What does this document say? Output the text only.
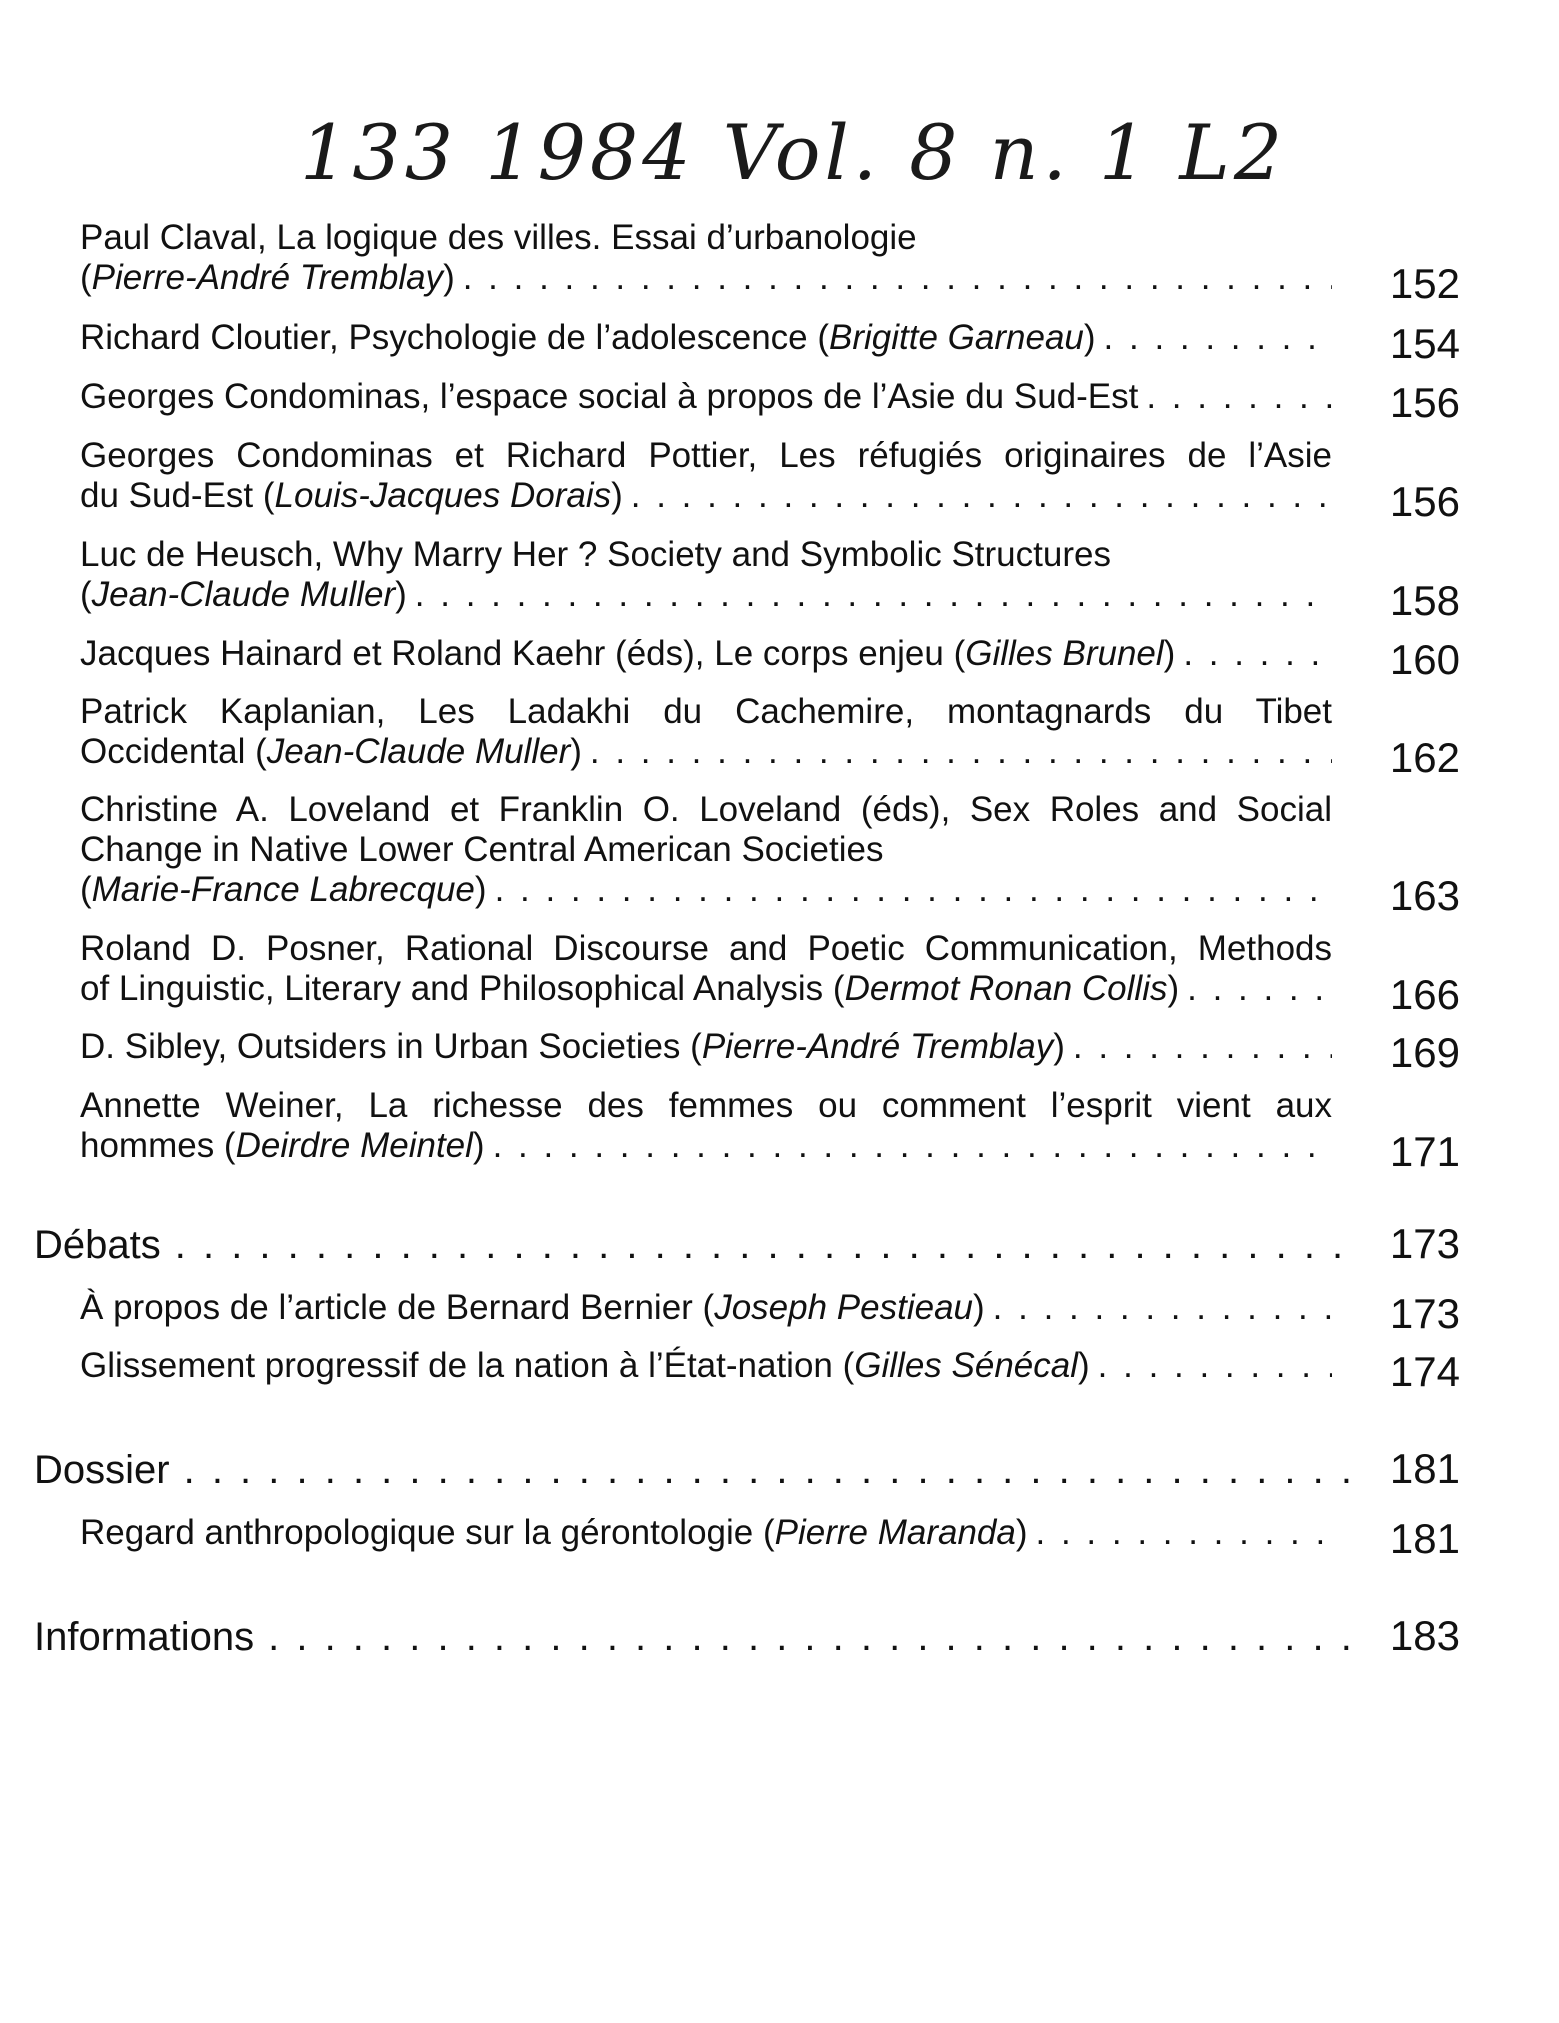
133 1984 Vol. 8 n. 1 L2
Paul Claval, La logique des villes. Essai d’urbanologie
( Pierre-André Tremblay ) . . .	152
Richard Cloutier, Psychologie de l’adolescence ( Brigitte Garneau ) . . .	154
Georges Condominas, l’espace social à propos de l’Asie du Sud-Est . . .	156
Georges Condominas et Richard Pottier, Les réfugiés originaires de l’Asie
du Sud-Est ( Louis-Jacques Dorais ) . . .	156
Luc de Heusch, Why Marry Her ? Society and Symbolic Structures
( Jean-Claude Muller ) . . .	158
Jacques Hainard et Roland Kaehr (éds), Le corps enjeu ( Gilles Brunel ) . . .	160
Patrick Kaplanian, Les Ladakhi du Cachemire, montagnards du Tibet
Occidental ( Jean-Claude Muller ) . . .	162
Christine A. Loveland et Franklin O. Loveland (éds), Sex Roles and Social
Change in Native Lower Central American Societies
( Marie-France Labrecque ) . . .	163
Roland D. Posner, Rational Discourse and Poetic Communication, Methods
of Linguistic, Literary and Philosophical Analysis ( Dermot Ronan Collis ) . . .	166
D. Sibley, Outsiders in Urban Societies ( Pierre-André Tremblay ) . . .	169
Annette Weiner, La richesse des femmes ou comment l’esprit vient aux
hommes ( Deirdre Meintel ) . . .	171
Débats . . .	173
À propos de l’article de Bernard Bernier ( Joseph Pestieau ) . . .	173
Glissement progressif de la nation à l’État-nation ( Gilles Sénécal ) . . .	174
Dossier . . .	181
Regard anthropologique sur la gérontologie ( Pierre Maranda ) . . .	181
Informations . . .	183
